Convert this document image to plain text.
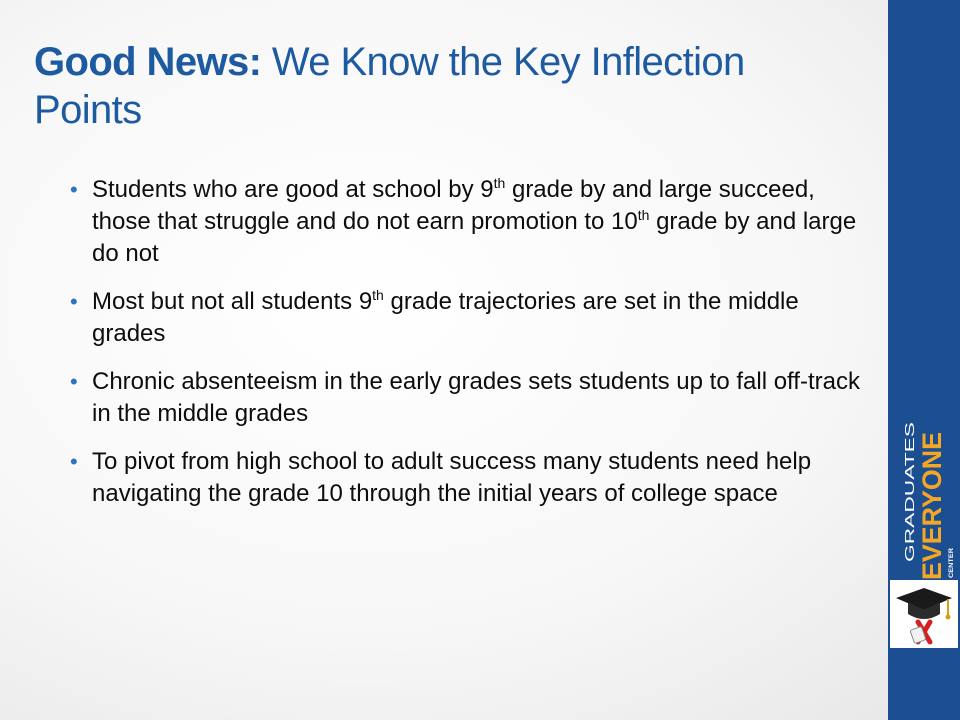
Good News: We Know the Key Inflection Points
• Students who are good at school by 9th grade by and large succeed, those that struggle and do not earn promotion to 10th grade by and large do not
• Most but not all students 9th grade trajectories are set in the middle grades
• Chronic absenteeism in the early grades sets students up to fall off-track in the middle grades
• To pivot from high school to adult success many students need help navigating the grade 10 through the initial years of college space	EVERYONE
GRADUATES
CENTER
